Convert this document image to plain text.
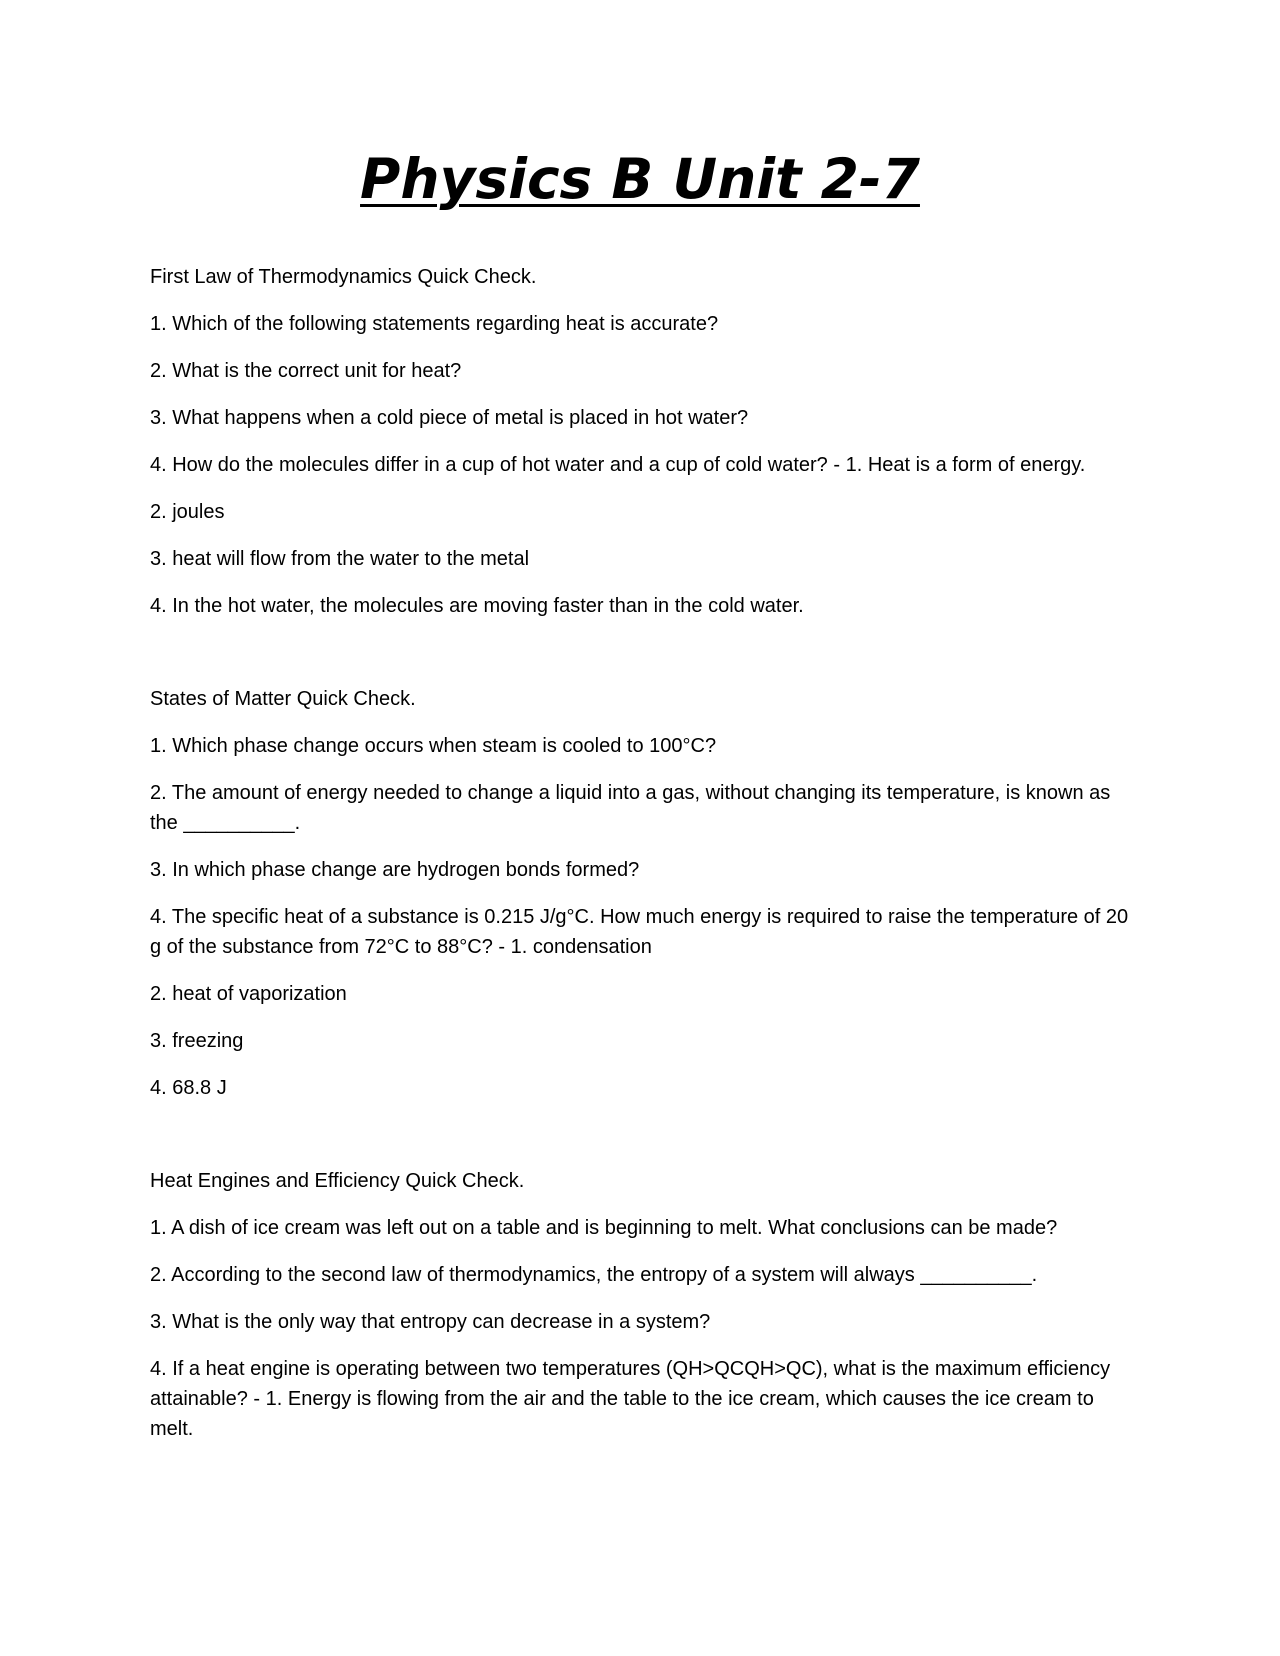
Physics B Unit 2-7

First Law of Thermodynamics Quick Check.

1. Which of the following statements regarding heat is accurate?

2. What is the correct unit for heat?

3. What happens when a cold piece of metal is placed in hot water?

4. How do the molecules differ in a cup of hot water and a cup of cold water? - 1. Heat is a form of energy.

2. joules

3. heat will flow from the water to the metal

4. In the hot water, the molecules are moving faster than in the cold water.

States of Matter Quick Check.

1. Which phase change occurs when steam is cooled to 100°C?

2. The amount of energy needed to change a liquid into a gas, without changing its temperature, is known as the __________.

3. In which phase change are hydrogen bonds formed?

4. The specific heat of a substance is 0.215 J/g°C. How much energy is required to raise the temperature of 20 g of the substance from 72°C to 88°C? - 1. condensation

2. heat of vaporization

3. freezing

4. 68.8 J

Heat Engines and Efficiency Quick Check.

1. A dish of ice cream was left out on a table and is beginning to melt. What conclusions can be made?

2. According to the second law of thermodynamics, the entropy of a system will always __________.

3. What is the only way that entropy can decrease in a system?

4. If a heat engine is operating between two temperatures (QH>QCQH>QC), what is the maximum efficiency attainable? - 1. Energy is flowing from the air and the table to the ice cream, which causes the ice cream to melt.
